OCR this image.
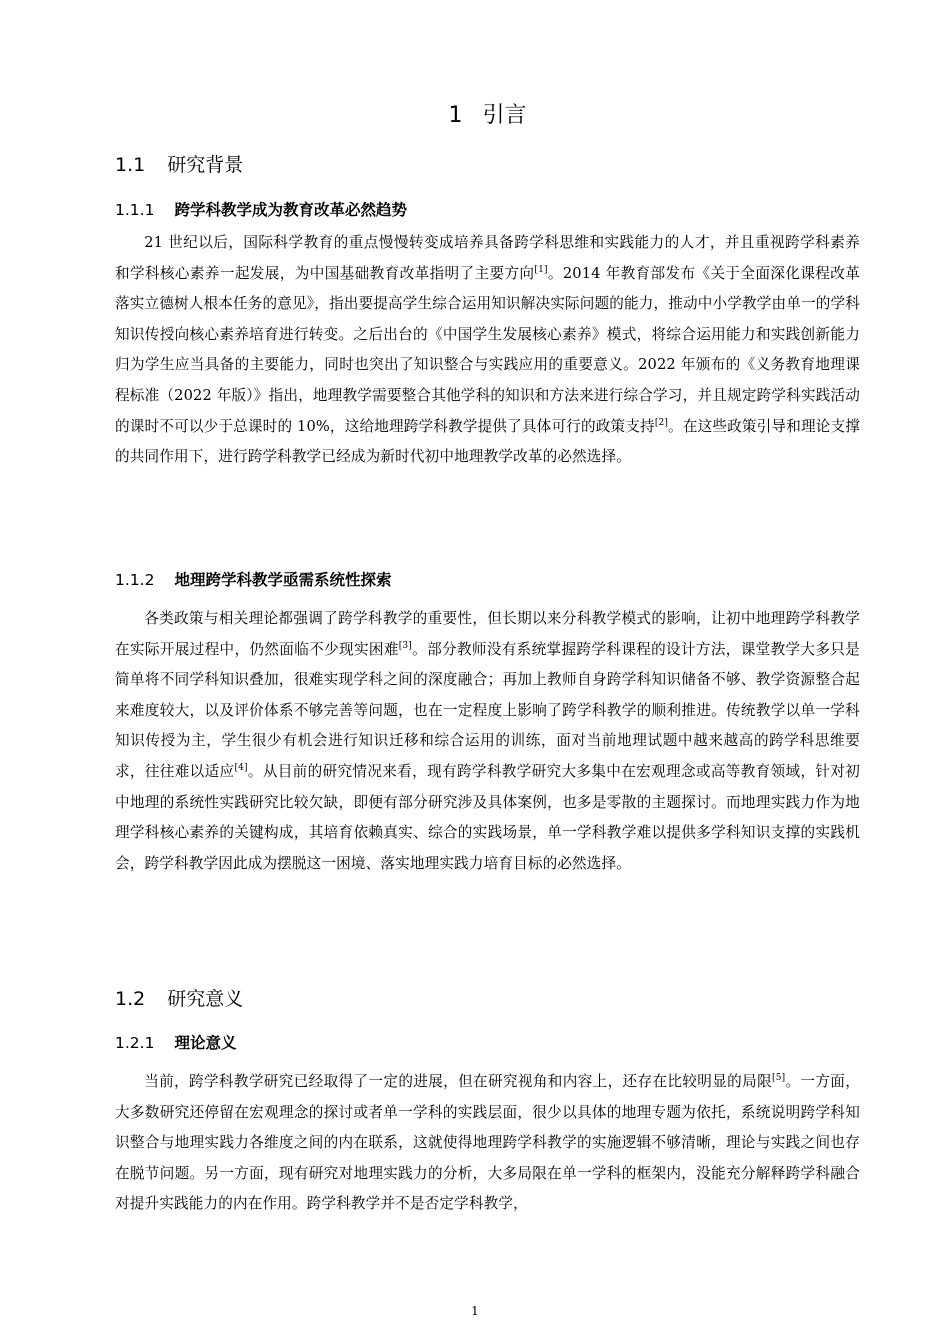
1 引言
1.1 研究背景
1.1.1 跨学科教学成为教育改革必然趋势

21 世纪以后，国际科学教育的重点慢慢转变成培养具备跨学科思维和实践能力的人才，并且重视跨学科素养和学科核心素养一起发展，为中国基础教育改革指明了主要方向[1]。2014 年教育部发布《关于全面深化课程改革落实立德树人根本任务的意见》，指出要提高学生综合运用知识解决实际问题的能力，推动中小学教学由单一的学科知识传授向核心素养培育进行转变。之后出台的《中国学生发展核心素养》模式，将综合运用能力和实践创新能力归为学生应当具备的主要能力，同时也突出了知识整合与实践应用的重要意义。2022 年颁布的《义务教育地理课程标准（2022 年版）》指出，地理教学需要整合其他学科的知识和方法来进行综合学习，并且规定跨学科实践活动的课时不可以少于总课时的 10%，这给地理跨学科教学提供了具体可行的政策支持[2]。在这些政策引导和理论支撑的共同作用下，进行跨学科教学已经成为新时代初中地理教学改革的必然选择。

1.1.2 地理跨学科教学亟需系统性探索

各类政策与相关理论都强调了跨学科教学的重要性，但长期以来分科教学模式的影响，让初中地理跨学科教学在实际开展过程中，仍然面临不少现实困难[3]。部分教师没有系统掌握跨学科课程的设计方法，课堂教学大多只是简单将不同学科知识叠加，很难实现学科之间的深度融合；再加上教师自身跨学科知识储备不够、教学资源整合起来难度较大，以及评价体系不够完善等问题，也在一定程度上影响了跨学科教学的顺利推进。传统教学以单一学科知识传授为主，学生很少有机会进行知识迁移和综合运用的训练，面对当前地理试题中越来越高的跨学科思维要求，往往难以适应[4]。从目前的研究情况来看，现有跨学科教学研究大多集中在宏观理念或高等教育领域，针对初中地理的系统性实践研究比较欠缺，即便有部分研究涉及具体案例，也多是零散的主题探讨。而地理实践力作为地理学科核心素养的关键构成，其培育依赖真实、综合的实践场景，单一学科教学难以提供多学科知识支撑的实践机会，跨学科教学因此成为摆脱这一困境、落实地理实践力培育目标的必然选择。

1.2 研究意义
1.2.1 理论意义

当前，跨学科教学研究已经取得了一定的进展，但在研究视角和内容上，还存在比较明显的局限[5]。一方面，大多数研究还停留在宏观理念的探讨或者单一学科的实践层面，很少以具体的地理专题为依托，系统说明跨学科知识整合与地理实践力各维度之间的内在联系，这就使得地理跨学科教学的实施逻辑不够清晰，理论与实践之间也存在脱节问题。另一方面，现有研究对地理实践力的分析，大多局限在单一学科的框架内，没能充分解释跨学科融合对提升实践能力的内在作用。跨学科教学并不是否定学科教学，

1
